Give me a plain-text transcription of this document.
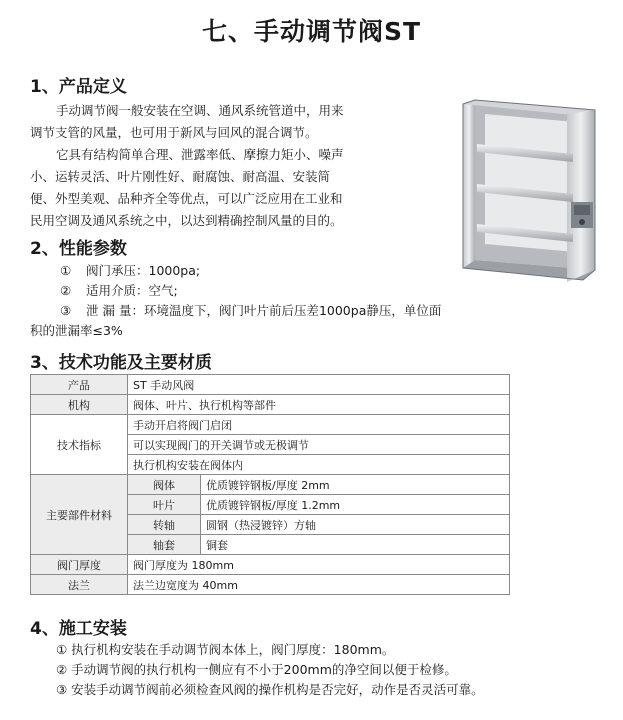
七、手动调节阀ST
1、产品定义

手动调节阀一般安装在空调、通风系统管道中，用来

调节支管的风量，也可用于新风与回风的混合调节。

它具有结构简单合理、泄露率低、摩擦力矩小、噪声

小、运转灵活、叶片刚性好、耐腐蚀、耐高温、安装简

便、外型美观、品种齐全等优点，可以广泛应用在工业和

民用空调及通风系统之中，以达到精确控制风量的目的。

2、性能参数
① 阀门承压：1000pa;
② 适用介质：空气;
③ 泄 漏 量：环境温度下，阀门叶片前后压差1000pa静压，单位面
积的泄漏率≤3%
3、技术功能及主要材质
产品	ST 手动风阀	
机构	阀体、叶片、执行机构等部件	
技术指标	手动开启将阀门启闭	
	可以实现阀门的开关调节或无极调节	
	执行机构安装在阀体内	
主要部件材料	阀体	优质镀锌钢板/厚度 2mm
	叶片	优质镀锌钢板/厚度 1.2mm
	转轴	圆钢（热浸镀锌）方轴
	轴套	铜套
阀门厚度	阀门厚度为 180mm	
法兰	法兰边宽度为 40mm	
4、施工安装
① 执行机构安装在手动调节阀本体上，阀门厚度：180mm。
② 手动调节阀的执行机构一侧应有不小于200mm的净空间以便于检修。
③ 安装手动调节阀前必须检查风阀的操作机构是否完好，动作是否灵活可靠。
